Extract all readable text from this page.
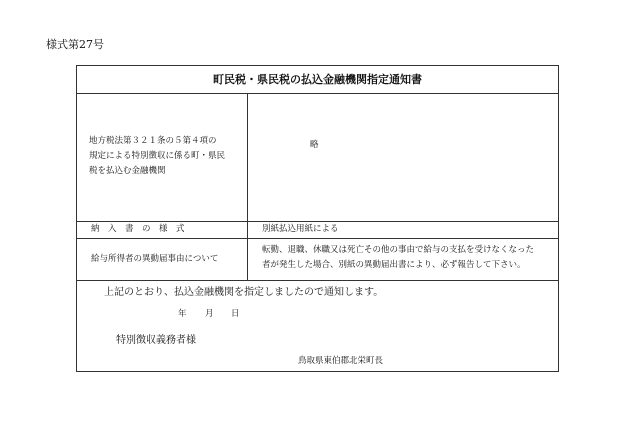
様式第27号
町民税・県民税の払込金融機関指定通知書
地方税法第３２１条の５第４項の
規定による特別徴収に係る町・県民
税を払込む金融機関
略
納　入　書　の　様　式	別紙払込用紙による
給与所得者の異動届事由について
転勤、退職、休職又は死亡その他の事由で給与の支払を受けなくなった
者が発生した場合、別紙の異動届出書により、必ず報告して下さい。
上記のとおり、払込金融機関を指定しましたので通知します。
年 月 日
特別徴収義務者様
鳥取県東伯郡北栄町長
